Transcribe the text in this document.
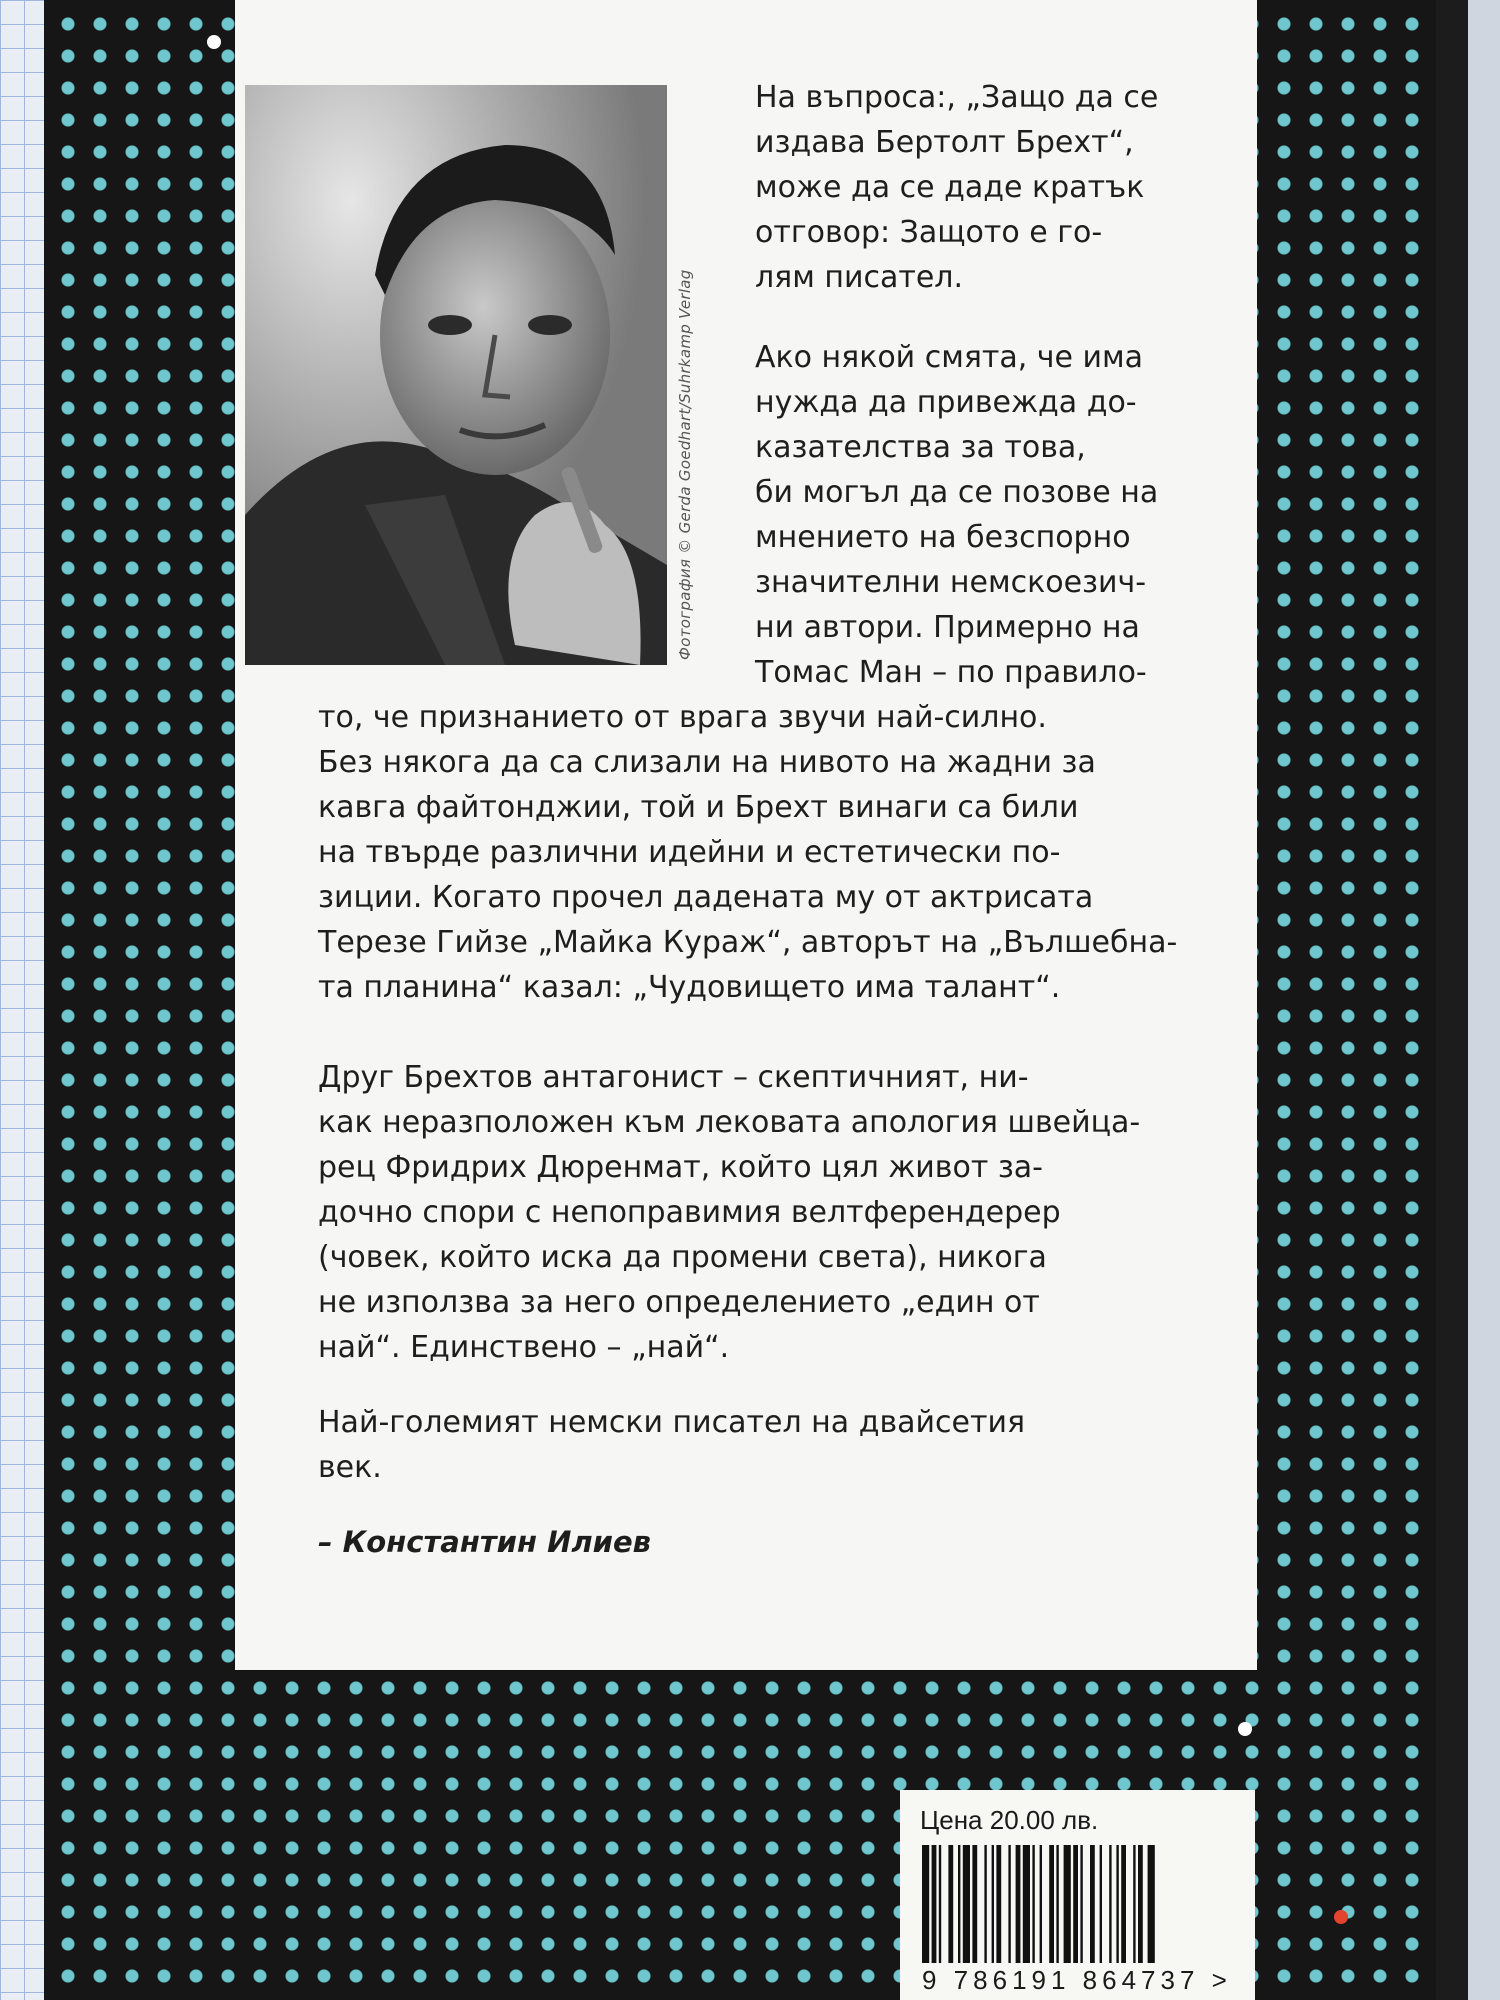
Фотография © Gerda Goedhart/Suhrkamp Verlag
На въпроса:, „Защо да се
издава Бертолт Брехт“,
може да се даде кратък
отговор: Защото е го-
лям писател.
Ако някой смята, че има
нужда да привежда до-
казателства за това,
би могъл да се позове на
мнението на безспорно
значителни немскоезич-
ни автори. Примерно на
Томас Ман – по правило-
то, че признанието от врага звучи най-силно.
Без някога да са слизали на нивото на жадни за
кавга файтонджии, той и Брехт винаги са били
на твърде различни идейни и естетически по-
зиции. Когато прочел дадената му от актрисата
Терезе Гийзе „Майка Кураж“, авторът на „Вълшебна-
та планина“ казал: „Чудовището има талант“.
Друг Брехтов антагонист – скептичният, ни-
как неразположен към лековата апология швейца-
рец Фридрих Дюренмат, който цял живот за-
дочно спори с непоправимия велтферендерер
(човек, който иска да промени света), никога
не използва за него определението „един от
най“. Единствено – „най“.
Най-големият немски писател на двайсетия
век.
– Константин Илиев
Цена 20.00 лв.
9 786191 864737 >
